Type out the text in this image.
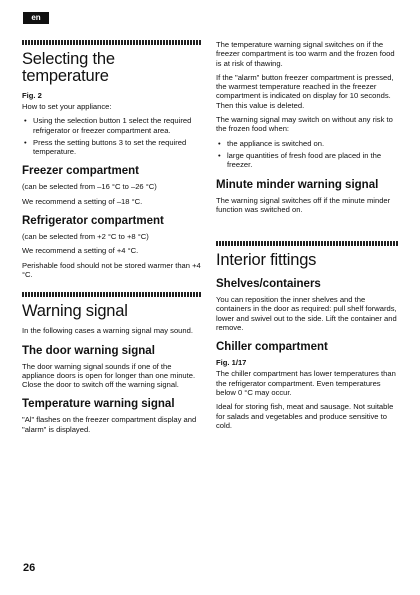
en
Selecting the temperature
Fig. 2

How to set your appliance:

• Using the selection button 1 select the required refrigerator or freezer compartment area.
• Press the setting buttons 3 to set the required temperature.
Freezer compartment

(can be selected from –16 °C to –26 °C)

We recommend a setting of –18 °C.

Refrigerator compartment

(can be selected from +2 °C to +8 °C)

We recommend a setting of +4 °C.

Perishable food should not be stored warmer than +4 °C.

Warning signal

In the following cases a warning signal may sound.

The door warning signal

The door warning signal sounds if one of the appliance doors is open for longer than one minute. Close the door to switch off the warning signal.

Temperature warning signal

"Al" flashes on the freezer compartment display and "alarm" is displayed.

The temperature warning signal switches on if the freezer compartment is too warm and the frozen food is at risk of thawing.

If the "alarm" button freezer compartment is pressed, the warmest temperature reached in the freezer compartment is indicated on display for 10 seconds. Then this value is deleted.

The warning signal may switch on without any risk to the frozen food when:

• the appliance is switched on.
• large quantities of fresh food are placed in the freezer.
Minute minder warning signal

The warning signal switches off if the minute minder function was switched on.

Interior fittings
Shelves/containers

You can reposition the inner shelves and the containers in the door as required: pull shelf forwards, lower and swivel out to the side. Lift the container and remove.

Chiller compartment
Fig. 1/17

The chiller compartment has lower temperatures than the refrigerator compartment. Even temperatures below 0 °C may occur.

Ideal for storing fish, meat and sausage. Not suitable for salads and vegetables and produce sensitive to cold.

26
